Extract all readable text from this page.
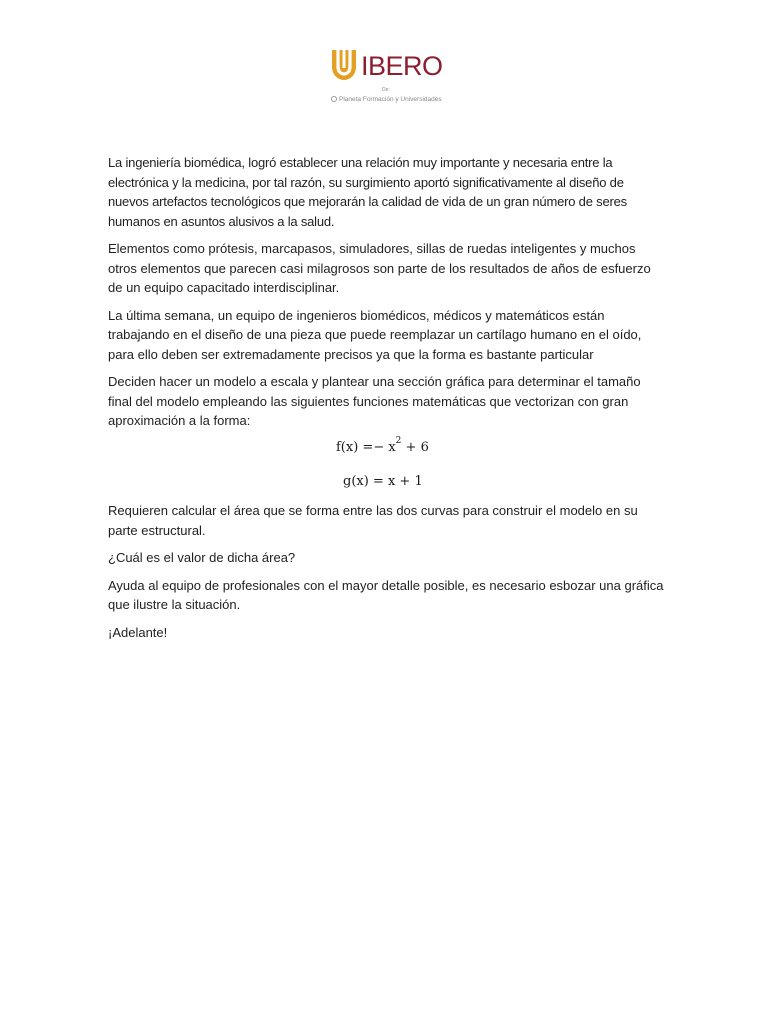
IBERO
De:
Planeta Formación y Universidades

La ingeniería biomédica, logró establecer una relación muy importante y necesaria entre la electrónica y la medicina, por tal razón, su surgimiento aportó significativamente al diseño de nuevos artefactos tecnológicos que mejorarán la calidad de vida de un gran número de seres humanos en asuntos alusivos a la salud.

Elementos como prótesis, marcapasos, simuladores, sillas de ruedas inteligentes y muchos otros elementos que parecen casi milagrosos son parte de los resultados de años de esfuerzo de un equipo capacitado interdisciplinar.

La última semana, un equipo de ingenieros biomédicos, médicos y matemáticos están trabajando en el diseño de una pieza que puede reemplazar un cartílago humano en el oído, para ello deben ser extremadamente precisos ya que la forma es bastante particular

Deciden hacer un modelo a escala y plantear una sección gráfica para determinar el tamaño final del modelo empleando las siguientes funciones matemáticas que vectorizan con gran aproximación a la forma:

$f(x) =- x^2 + 6$
g(x) = x + 1

Requieren calcular el área que se forma entre las dos curvas para construir el modelo en su parte estructural.

¿Cuál es el valor de dicha área?

Ayuda al equipo de profesionales con el mayor detalle posible, es necesario esbozar una gráfica que ilustre la situación.

¡Adelante!
